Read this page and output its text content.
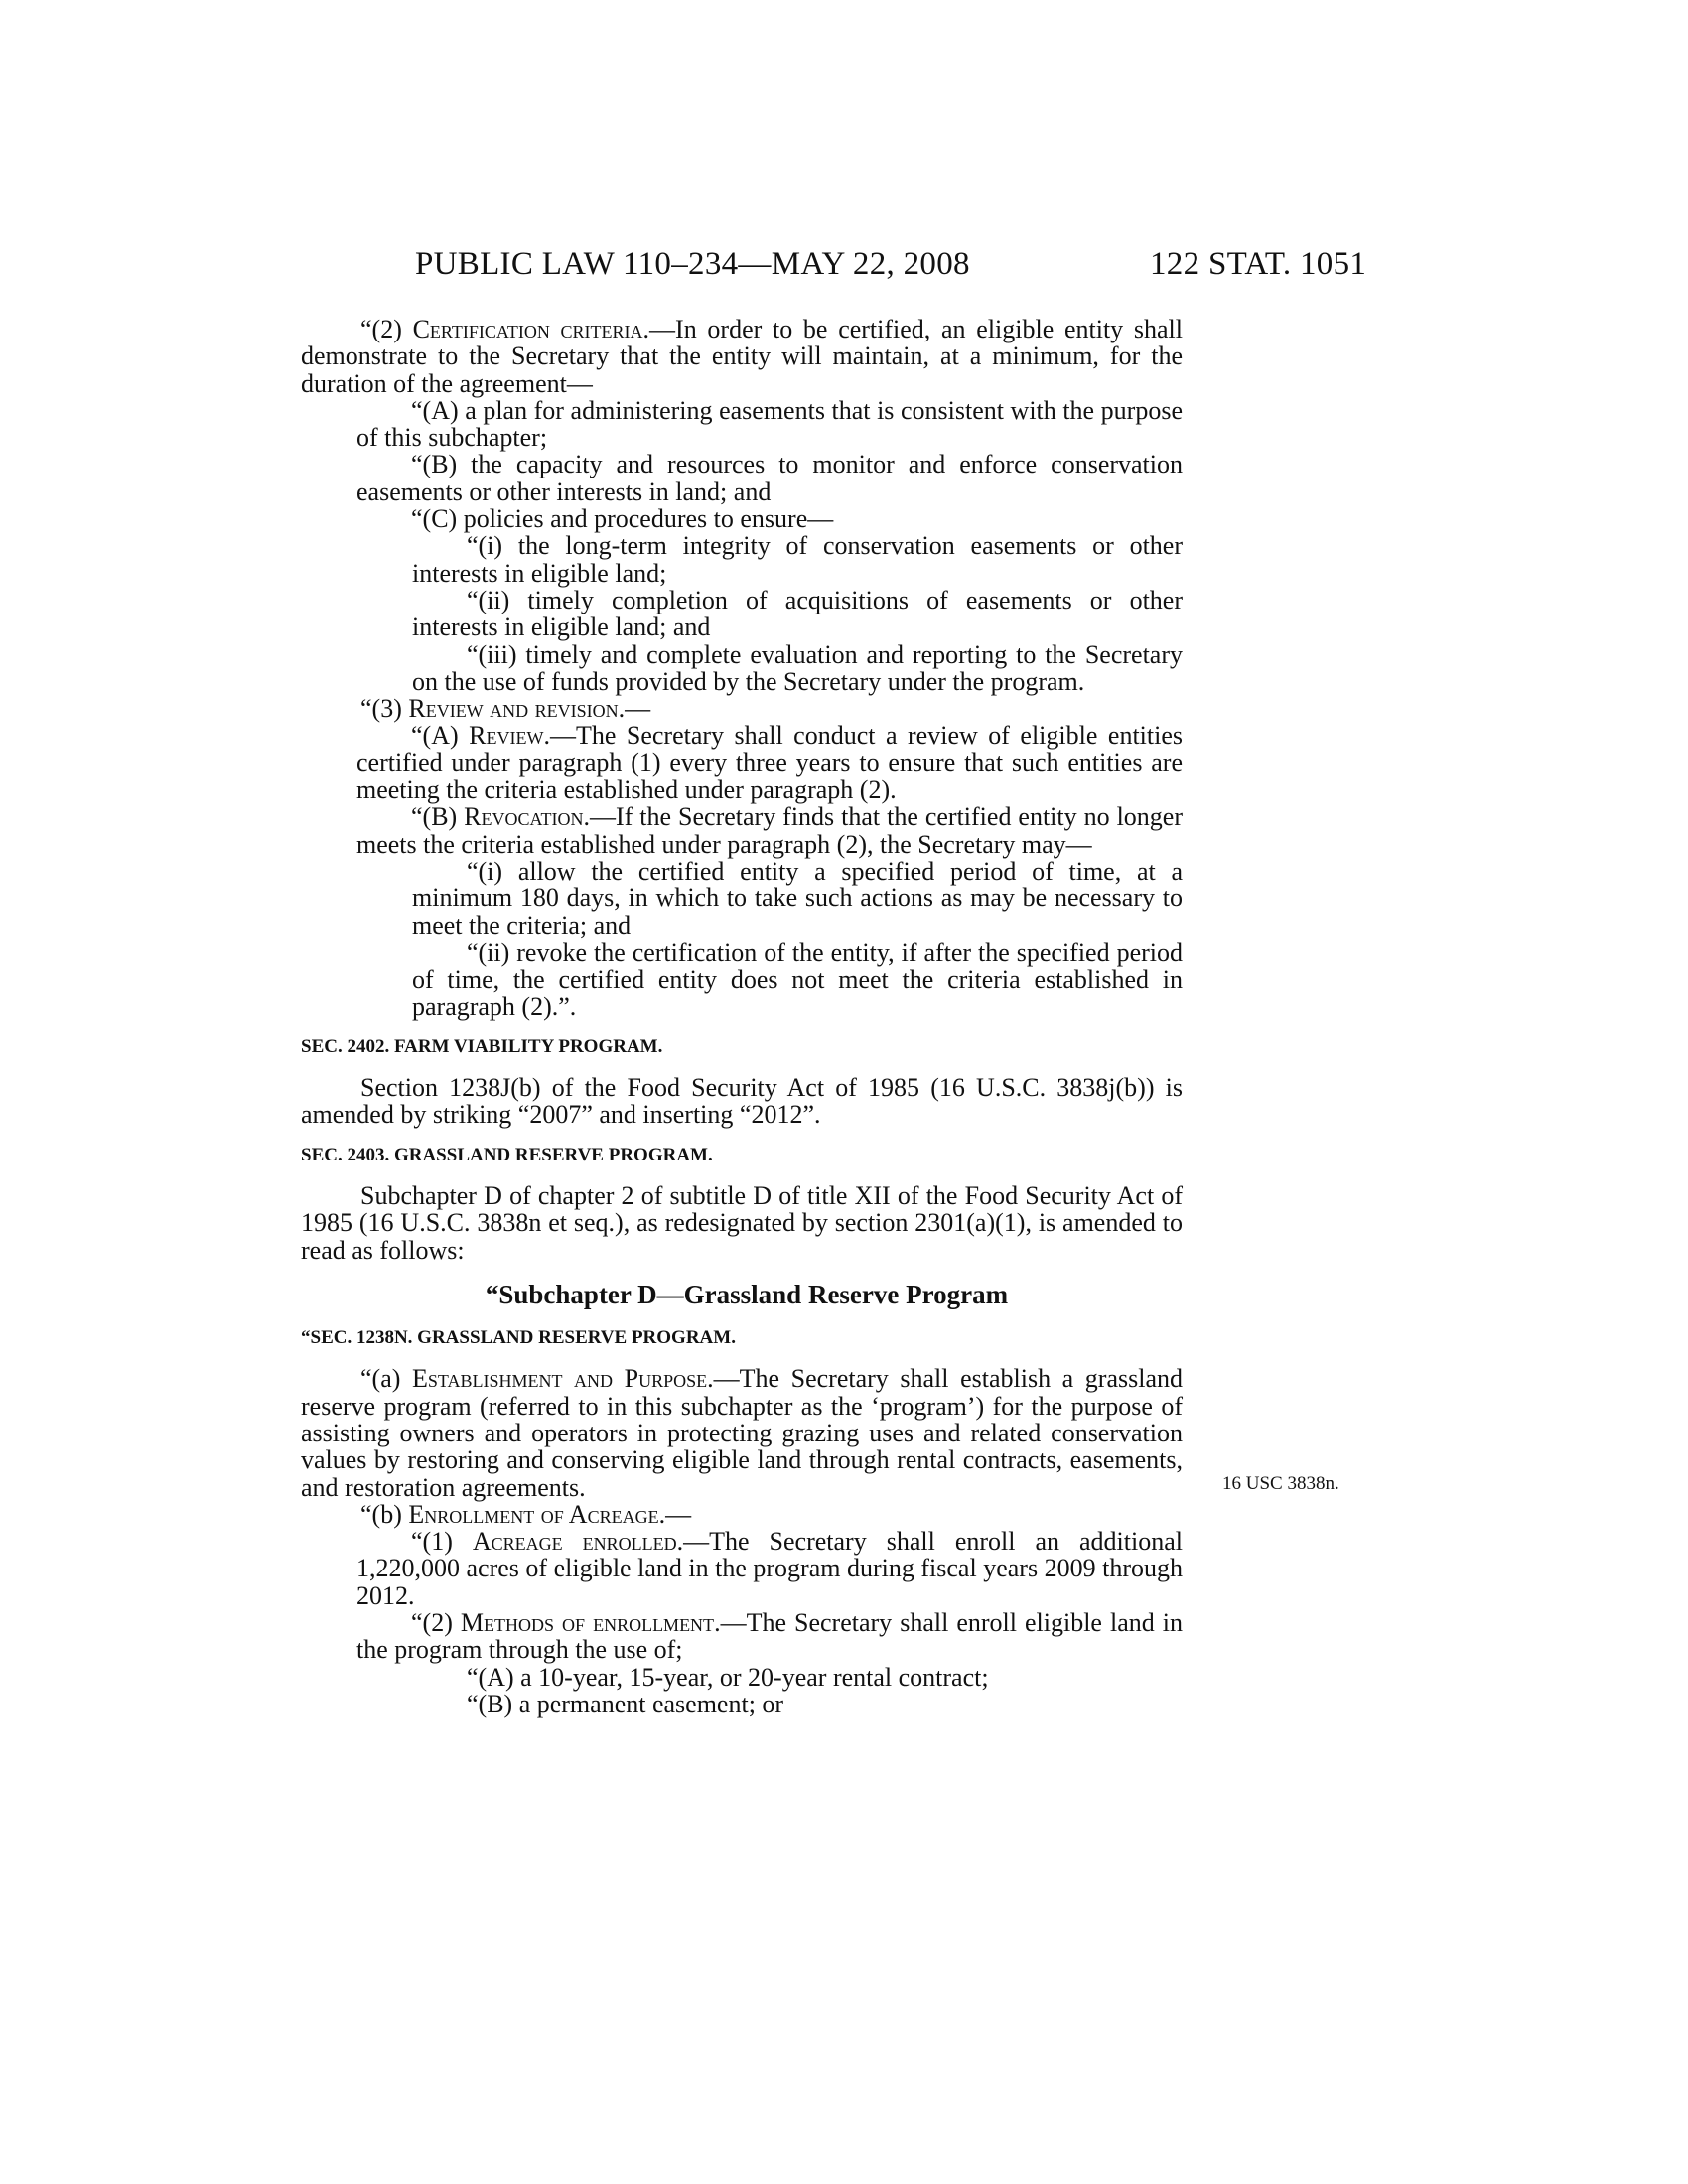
PUBLIC LAW 110–234—MAY 22, 2008	122 STAT. 1051
16 USC 3838n.

“(2) Certification criteria.—In order to be certified, an eligible entity shall demonstrate to the Secretary that the entity will maintain, at a minimum, for the duration of the agreement—

“(A) a plan for administering easements that is consistent with the purpose of this subchapter;

“(B) the capacity and resources to monitor and enforce conservation easements or other interests in land; and

“(C) policies and procedures to ensure—

“(i) the long-term integrity of conservation easements or other interests in eligible land;

“(ii) timely completion of acquisitions of easements or other interests in eligible land; and

“(iii) timely and complete evaluation and reporting to the Secretary on the use of funds provided by the Secretary under the program.

“(3) Review and revision.—

“(A) Review.—The Secretary shall conduct a review of eligible entities certified under paragraph (1) every three years to ensure that such entities are meeting the criteria established under paragraph (2).

“(B) Revocation.—If the Secretary finds that the certified entity no longer meets the criteria established under paragraph (2), the Secretary may—

“(i) allow the certified entity a specified period of time, at a minimum 180 days, in which to take such actions as may be necessary to meet the criteria; and

“(ii) revoke the certification of the entity, if after the specified period of time, the certified entity does not meet the criteria established in paragraph (2).”.

SEC. 2402. FARM VIABILITY PROGRAM.

Section 1238J(b) of the Food Security Act of 1985 (16 U.S.C. 3838j(b)) is amended by striking “2007” and inserting “2012”.

SEC. 2403. GRASSLAND RESERVE PROGRAM.

Subchapter D of chapter 2 of subtitle D of title XII of the Food Security Act of 1985 (16 U.S.C. 3838n et seq.), as redesignated by section 2301(a)(1), is amended to read as follows:

“Subchapter D—Grassland Reserve Program

“SEC. 1238N. GRASSLAND RESERVE PROGRAM.

“(a) Establishment and Purpose.—The Secretary shall establish a grassland reserve program (referred to in this subchapter as the ‘program’) for the purpose of assisting owners and operators in protecting grazing uses and related conservation values by restoring and conserving eligible land through rental contracts, easements, and restoration agreements.

“(b) Enrollment of Acreage.—

“(1) Acreage enrolled.—The Secretary shall enroll an additional 1,220,000 acres of eligible land in the program during fiscal years 2009 through 2012.

“(2) Methods of enrollment.—The Secretary shall enroll eligible land in the program through the use of;

“(A) a 10-year, 15-year, or 20-year rental contract;

“(B) a permanent easement; or
